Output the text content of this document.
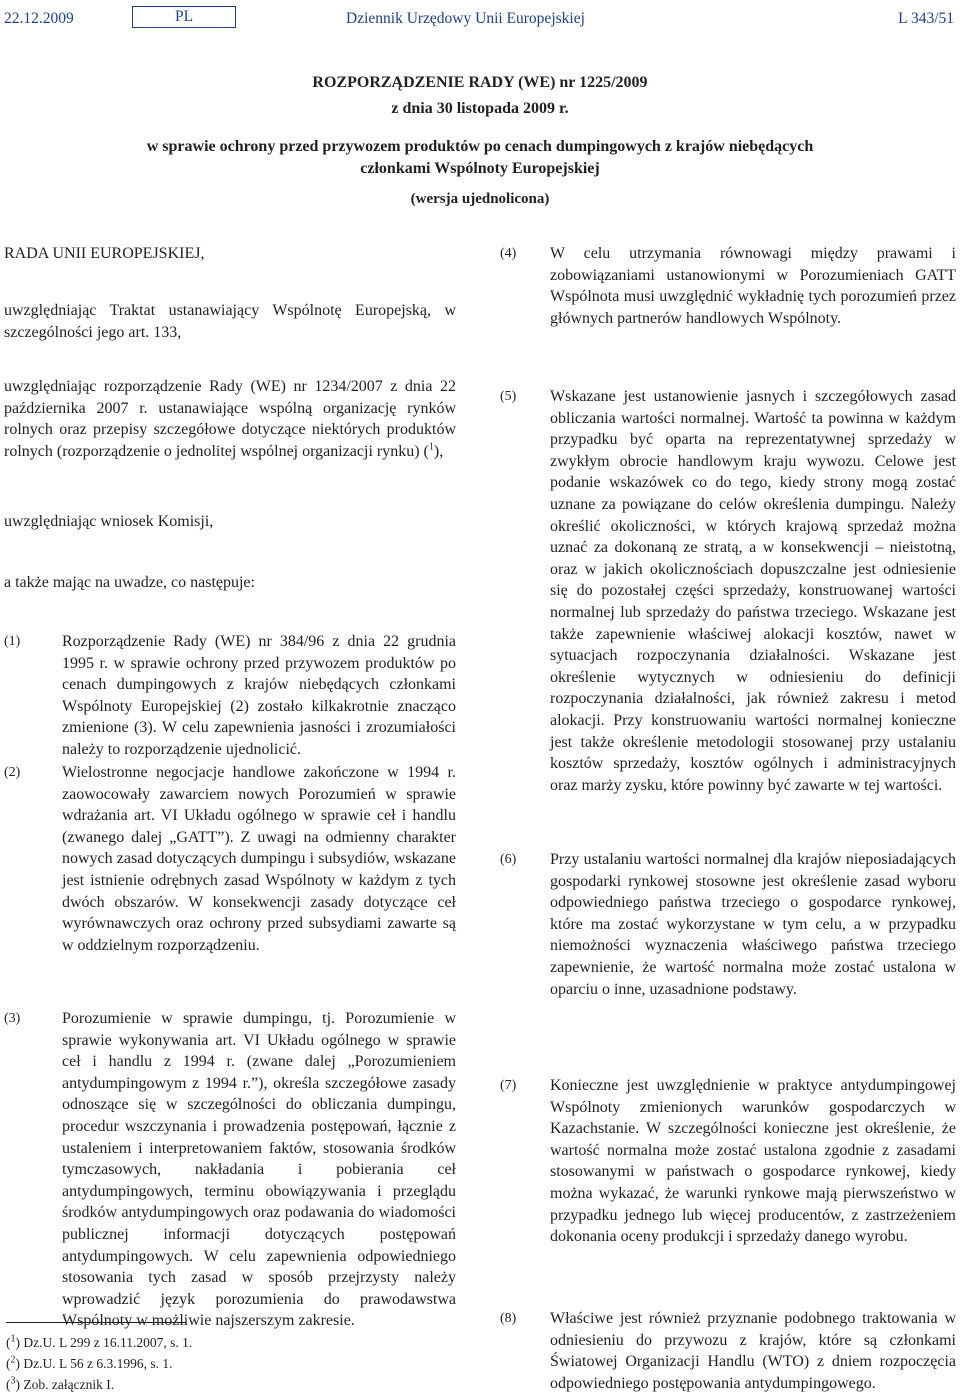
22.12.2009	PL	Dziennik Urzędowy Unii Europejskiej	L 343/51
ROZPORZĄDZENIE RADY (WE) nr 1225/2009
z dnia 30 listopada 2009 r.
w sprawie ochrony przed przywozem produktów po cenach dumpingowych z krajów niebędących
członkami Wspólnoty Europejskiej
(wersja ujednolicona)
RADA UNII EUROPEJSKIEJ,
uwzględniając Traktat ustanawiający Wspólnotę Europejską, w szczególności jego art. 133,
uwzględniając rozporządzenie Rady (WE) nr 1234/2007 z dnia 22 października 2007 r. ustanawiające wspólną organizację rynków rolnych oraz przepisy szczegółowe dotyczące niektórych produktów rolnych (rozporządzenie o jednolitej wspólnej organizacji rynku) ($^1$),
uwzględniając wniosek Komisji,
a także mając na uwadze, co następuje:
(1)	Rozporządzenie Rady (WE) nr 384/96 z dnia 22 grudnia 1995 r. w sprawie ochrony przed przywozem produktów po cenach dumpingowych z krajów niebędących członkami Wspólnoty Europejskiej (2) zostało kilkakrotnie znacząco zmienione (3). W celu zapewnienia jasności i zrozumiałości należy to rozporządzenie ujednolicić.
(2)	Wielostronne negocjacje handlowe zakończone w 1994 r. zaowocowały zawarciem nowych Porozumień w sprawie wdrażania art. VI Układu ogólnego w sprawie ceł i handlu (zwanego dalej „GATT”). Z uwagi na odmienny charakter nowych zasad dotyczących dumpingu i subsydiów, wskazane jest istnienie odrębnych zasad Wspólnoty w każdym z tych dwóch obszarów. W konsekwencji zasady dotyczące ceł wyrównawczych oraz ochrony przed subsydiami zawarte są w oddzielnym rozporządzeniu.
(3)	Porozumienie w sprawie dumpingu, tj. Porozumienie w sprawie wykonywania art. VI Układu ogólnego w sprawie ceł i handlu z 1994 r. (zwane dalej „Porozumieniem antydumpingowym z 1994 r.”), określa szczegółowe zasady odnoszące się w szczególności do obliczania dumpingu, procedur wszczynania i prowadzenia postępowań, łącznie z ustaleniem i interpretowaniem faktów, stosowania środków tymczasowych, nakładania i pobierania ceł antydumpingowych, terminu obowiązywania i przeglądu środków antydumpingowych oraz podawania do wiadomości publicznej informacji dotyczących postępowań antydumpingowych. W celu zapewnienia odpowiedniego stosowania tych zasad w sposób przejrzysty należy wprowadzić język porozumienia do prawodawstwa Wspólnoty w możliwie najszerszym zakresie.
(4) W celu utrzymania równowagi między prawami i zobowiązaniami ustanowionymi w Porozumieniach GATT Wspólnota musi uwzględnić wykładnię tych porozumień przez głównych partnerów handlowych Wspólnoty.
(5) Wskazane jest ustanowienie jasnych i szczegółowych zasad obliczania wartości normalnej. Wartość ta powinna w każdym przypadku być oparta na reprezentatywnej sprzedaży w zwykłym obrocie handlowym kraju wywozu. Celowe jest podanie wskazówek co do tego, kiedy strony mogą zostać uznane za powiązane do celów określenia dumpingu. Należy określić okoliczności, w których krajową sprzedaż można uznać za dokonaną ze stratą, a w konsekwencji – nieistotną, oraz w jakich okolicznościach dopuszczalne jest odniesienie się do pozostałej części sprzedaży, konstruowanej wartości normalnej lub sprzedaży do państwa trzeciego. Wskazane jest także zapewnienie właściwej alokacji kosztów, nawet w sytuacjach rozpoczynania działalności. Wskazane jest określenie wytycznych w odniesieniu do definicji rozpoczynania działalności, jak również zakresu i metod alokacji. Przy konstruowaniu wartości normalnej konieczne jest także określenie metodologii stosowanej przy ustalaniu kosztów sprzedaży, kosztów ogólnych i administracyjnych oraz marży zysku, które powinny być zawarte w tej wartości.
(6) Przy ustalaniu wartości normalnej dla krajów nieposiadających gospodarki rynkowej stosowne jest określenie zasad wyboru odpowiedniego państwa trzeciego o gospodarce rynkowej, które ma zostać wykorzystane w tym celu, a w przypadku niemożności wyznaczenia właściwego państwa trzeciego zapewnienie, że wartość normalna może zostać ustalona w oparciu o inne, uzasadnione podstawy.
(7) Konieczne jest uwzględnienie w praktyce antydumpingowej Wspólnoty zmienionych warunków gospodarczych w Kazachstanie. W szczególności konieczne jest określenie, że wartość normalna może zostać ustalona zgodnie z zasadami stosowanymi w państwach o gospodarce rynkowej, kiedy można wykazać, że warunki rynkowe mają pierwszeństwo w przypadku jednego lub więcej producentów, z zastrzeżeniem dokonania oceny produkcji i sprzedaży danego wyrobu.
(8) Właściwe jest również przyznanie podobnego traktowania w odniesieniu do przywozu z krajów, które są członkami Światowej Organizacji Handlu (WTO) z dniem rozpoczęcia odpowiedniego postępowania antydumpingowego.
($^1$) Dz.U. L 299 z 16.11.2007, s. 1.
($^2$) Dz.U. L 56 z 6.3.1996, s. 1.
($^3$) Zob. załącznik I.
